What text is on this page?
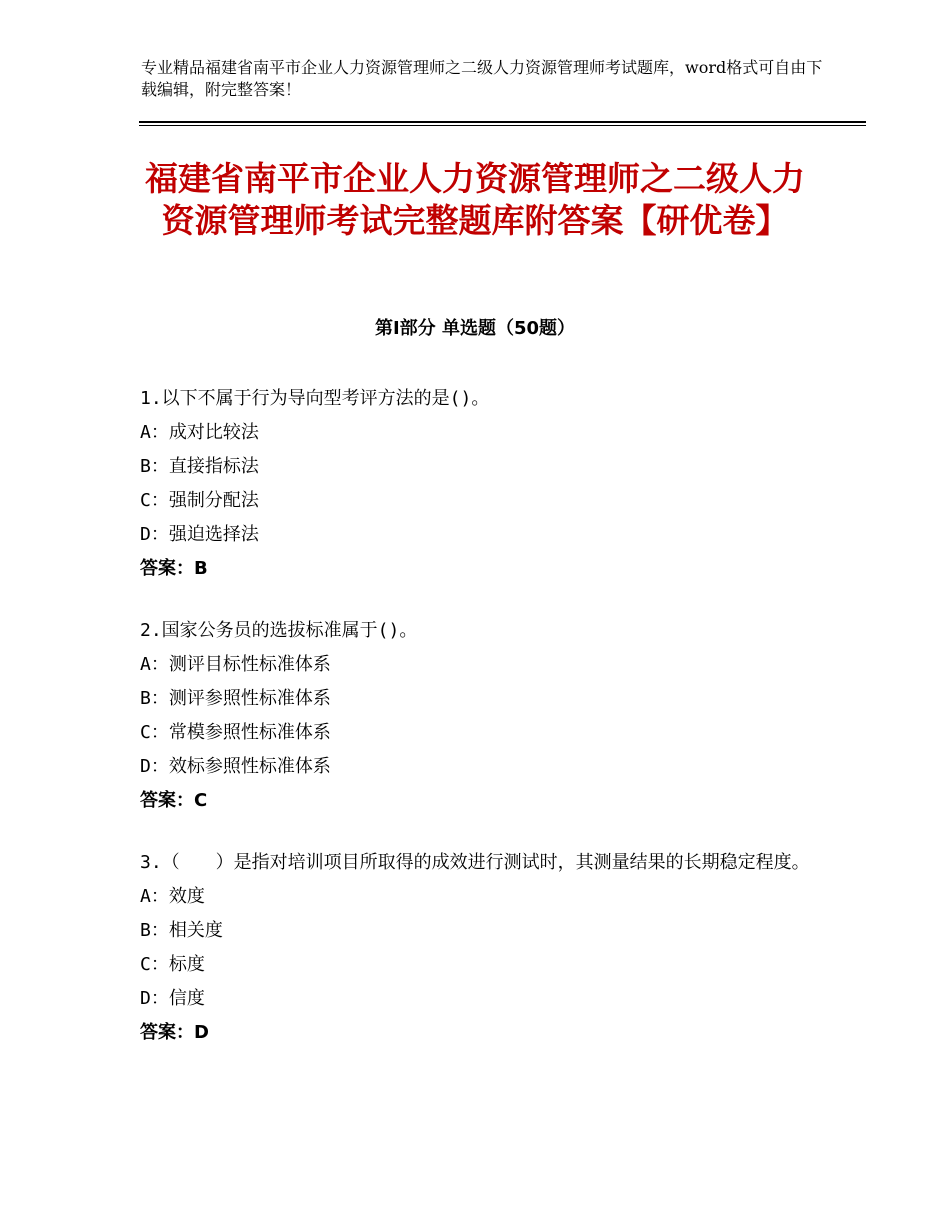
专业精品福建省南平市企业人力资源管理师之二级人力资源管理师考试题库，word格式可自由下载编辑，附完整答案！
福建省南平市企业人力资源管理师之二级人力资源管理师考试完整题库附答案【研优卷】
第Ⅰ部分 单选题（50题）

1.以下不属于行为导向型考评方法的是()。

A：成对比较法

B：直接指标法

C：强制分配法

D：强迫选择法

答案：B

2.国家公务员的选拔标准属于()。

A：测评目标性标准体系

B：测评参照性标准体系

C：常模参照性标准体系

D：效标参照性标准体系

答案：C

3.（　　）是指对培训项目所取得的成效进行测试时，其测量结果的长期稳定程度。

A：效度

B：相关度

C：标度

D：信度

答案：D
